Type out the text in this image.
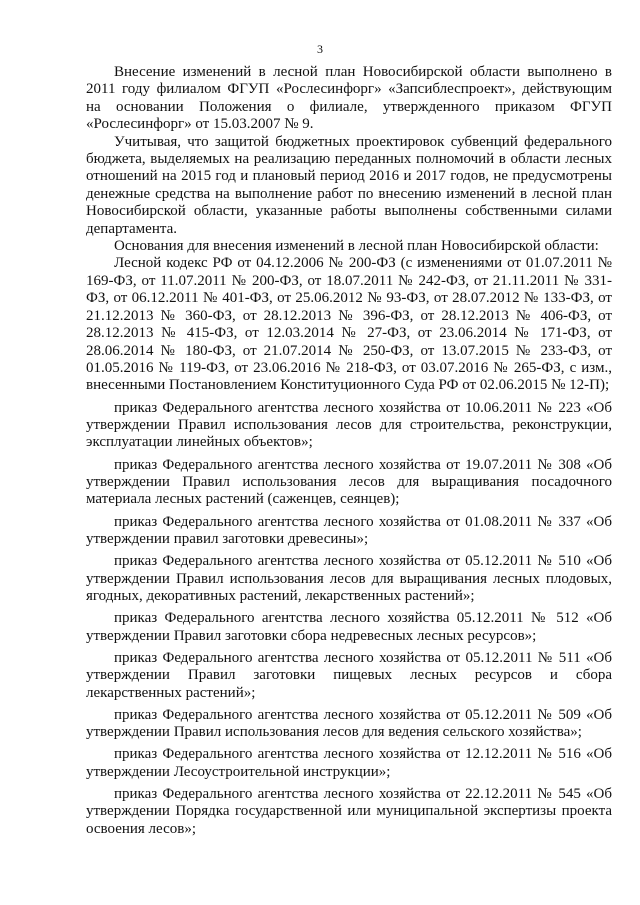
3

Внесение изменений в лесной план Новосибирской области выполнено в 2011 году филиалом ФГУП «Рослесинфорг» «Запсиблеспроект», действующим на основании Положения о филиале, утвержденного приказом ФГУП «Рослесинфорг» от 15.03.2007 № 9.

Учитывая, что защитой бюджетных проектировок субвенций федерального бюджета, выделяемых на реализацию переданных полномочий в области лесных отношений на 2015 год и плановый период 2016 и 2017 годов, не предусмотрены денежные средства на выполнение работ по внесению изменений в лесной план Новосибирской области, указанные работы выполнены собственными силами департамента.

Основания для внесения изменений в лесной план Новосибирской области:

Лесной кодекс РФ от 04.12.2006 № 200-ФЗ (с изменениями от 01.07.2011 № 169-ФЗ, от 11.07.2011 № 200-ФЗ, от 18.07.2011 № 242-ФЗ, от 21.11.2011 № 331-ФЗ, от 06.12.2011 № 401-ФЗ, от 25.06.2012 № 93-ФЗ, от 28.07.2012 № 133-ФЗ, от 21.12.2013 № 360-ФЗ, от 28.12.2013 № 396-ФЗ, от 28.12.2013 № 406-ФЗ, от 28.12.2013 № 415-ФЗ, от 12.03.2014 № 27-ФЗ, от 23.06.2014 № 171-ФЗ, от 28.06.2014 № 180-ФЗ, от 21.07.2014 № 250-ФЗ, от 13.07.2015 № 233-ФЗ, от 01.05.2016 № 119-ФЗ, от 23.06.2016 № 218-ФЗ, от 03.07.2016 № 265-ФЗ, с изм., внесенными Постановлением Конституционного Суда РФ от 02.06.2015 № 12-П);

приказ Федерального агентства лесного хозяйства от 10.06.2011 № 223 «Об утверждении Правил использования лесов для строительства, реконструкции, эксплуатации линейных объектов»;

приказ Федерального агентства лесного хозяйства от 19.07.2011 № 308 «Об утверждении Правил использования лесов для выращивания посадочного материала лесных растений (саженцев, сеянцев);

приказ Федерального агентства лесного хозяйства от 01.08.2011 № 337 «Об утверждении правил заготовки древесины»;

приказ Федерального агентства лесного хозяйства от 05.12.2011 № 510 «Об утверждении Правил использования лесов для выращивания лесных плодовых, ягодных, декоративных растений, лекарственных растений»;

приказ Федерального агентства лесного хозяйства 05.12.2011 № 512 «Об утверждении Правил заготовки сбора недревесных лесных ресурсов»;

приказ Федерального агентства лесного хозяйства от 05.12.2011 № 511 «Об утверждении Правил заготовки пищевых лесных ресурсов и сбора лекарственных растений»;

приказ Федерального агентства лесного хозяйства от 05.12.2011 № 509 «Об утверждении Правил использования лесов для ведения сельского хозяйства»;

приказ Федерального агентства лесного хозяйства от 12.12.2011 № 516 «Об утверждении Лесоустроительной инструкции»;

приказ Федерального агентства лесного хозяйства от 22.12.2011 № 545 «Об утверждении Порядка государственной или муниципальной экспертизы проекта освоения лесов»;
